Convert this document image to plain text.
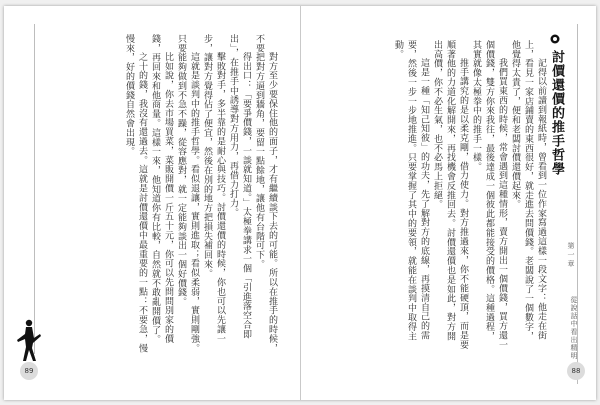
對方至少要保住他的面子，才有繼續談下去的可能。所以在推手的時候，不要把對方逼到牆角，要留一點餘地，讓他有台階可下。

得出口：「要爭價錢，一談就知道。」太極拳講求一個「引進落空合即出」，在推手中誘導對方用力，再借力打力。

擊敗對手，多半靠的是耐心與技巧。討價還價的時候，你也可以先讓一步，讓對方覺得佔了便宜，然後在別的地方把損失補回來。

這就是談判中的推手哲學。看似退讓，實則進取；看似柔弱，實則剛強。只要能夠做到不急不躁，從容應對，就一定能夠談出一個好價錢。

比如說，你去市場買菜，菜販開價一斤五十元，你可以先問問別家的價錢，再回來和他商量。這樣一來，他知道你有比較，自然就不敢亂開價了。

之十的錢，我沒有還過去。這就是討價還價中最重要的一點：不要急，慢慢來，好的價錢自然會出現。

89
討價還價的推手哲學

記得以前讀到報紙時，曾看到一位作家寫過這樣一段文字：他走在街上，看見一家店鋪賣的東西很好，就走進去問價錢。老闆說了一個數字，他覺得太貴了，便和老闆討價還價起來。

我們買東西的時候，常會遇到這種情形，賣方開出一個價錢，買方還一個價錢，雙方你來我往，最後達成一個彼此都能接受的價格。這種過程，其實就像太極拳中的推手一樣。

推手講究的是以柔克剛，借力使力。對方推過來，你不能硬頂，而是要順著他的力道化解開來，再找機會反推回去。討價還價也是如此，對方開出高價，你不必生氣，也不必馬上拒絕。

這是一種「知己知彼」的功夫，先了解對方的底線，再摸清自己的需要，然後一步一步地推進。只要掌握了其中的要領，就能在談判中取得主動。

第一章
從說話中看出精明
88
